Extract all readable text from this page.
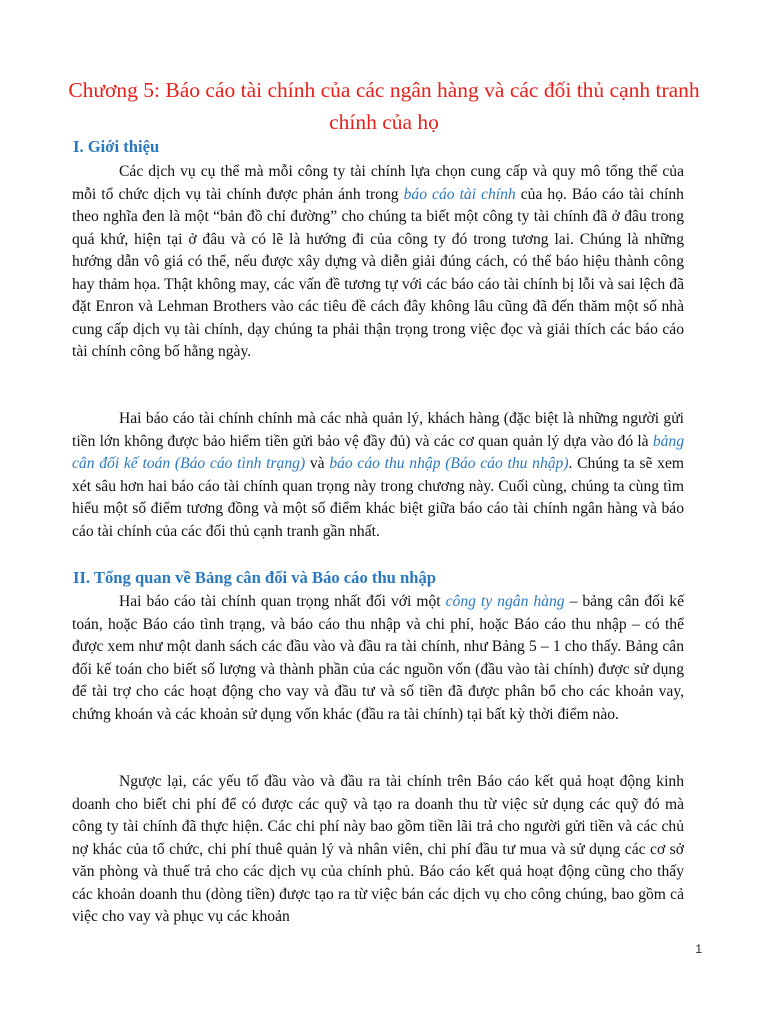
Chương 5: Báo cáo tài chính của các ngân hàng và các đối thủ cạnh tranh chính của họ
I. Giới thiệu

Các dịch vụ cụ thể mà mỗi công ty tài chính lựa chọn cung cấp và quy mô tổng thể của mỗi tổ chức dịch vụ tài chính được phản ánh trong báo cáo tài chính của họ. Báo cáo tài chính theo nghĩa đen là một “bản đồ chỉ đường” cho chúng ta biết một công ty tài chính đã ở đâu trong quá khứ, hiện tại ở đâu và có lẽ là hướng đi của công ty đó trong tương lai. Chúng là những hướng dẫn vô giá có thể, nếu được xây dựng và diễn giải đúng cách, có thể báo hiệu thành công hay thảm họa. Thật không may, các vấn đề tương tự với các báo cáo tài chính bị lỗi và sai lệch đã đặt Enron và Lehman Brothers vào các tiêu đề cách đây không lâu cũng đã đến thăm một số nhà cung cấp dịch vụ tài chính, dạy chúng ta phải thận trọng trong việc đọc và giải thích các báo cáo tài chính công bố hằng ngày.

Hai báo cáo tài chính chính mà các nhà quản lý, khách hàng (đặc biệt là những người gửi tiền lớn không được bảo hiểm tiền gửi bảo vệ đầy đủ) và các cơ quan quản lý dựa vào đó là bảng cân đối kế toán (Báo cáo tình trạng) và báo cáo thu nhập (Báo cáo thu nhập). Chúng ta sẽ xem xét sâu hơn hai báo cáo tài chính quan trọng này trong chương này. Cuối cùng, chúng ta cùng tìm hiểu một số điểm tương đồng và một số điểm khác biệt giữa báo cáo tài chính ngân hàng và báo cáo tài chính của các đối thủ cạnh tranh gần nhất.

II. Tổng quan về Bảng cân đối và Báo cáo thu nhập

Hai báo cáo tài chính quan trọng nhất đối với một công ty ngân hàng – bảng cân đối kế toán, hoặc Báo cáo tình trạng, và báo cáo thu nhập và chi phí, hoặc Báo cáo thu nhập – có thể được xem như một danh sách các đầu vào và đầu ra tài chính, như Bảng 5 – 1 cho thấy. Bảng cân đối kế toán cho biết số lượng và thành phần của các nguồn vốn (đầu vào tài chính) được sử dụng để tài trợ cho các hoạt động cho vay và đầu tư và số tiền đã được phân bổ cho các khoản vay, chứng khoán và các khoản sử dụng vốn khác (đầu ra tài chính) tại bất kỳ thời điểm nào.

Ngược lại, các yếu tố đầu vào và đầu ra tài chính trên Báo cáo kết quả hoạt động kinh doanh cho biết chi phí để có được các quỹ và tạo ra doanh thu từ việc sử dụng các quỹ đó mà công ty tài chính đã thực hiện. Các chi phí này bao gồm tiền lãi trả cho người gửi tiền và các chủ nợ khác của tổ chức, chi phí thuê quản lý và nhân viên, chi phí đầu tư mua và sử dụng các cơ sở văn phòng và thuế trả cho các dịch vụ của chính phủ. Báo cáo kết quả hoạt động cũng cho thấy các khoản doanh thu (dòng tiền) được tạo ra từ việc bán các dịch vụ cho công chúng, bao gồm cả việc cho vay và phục vụ các khoản

1
